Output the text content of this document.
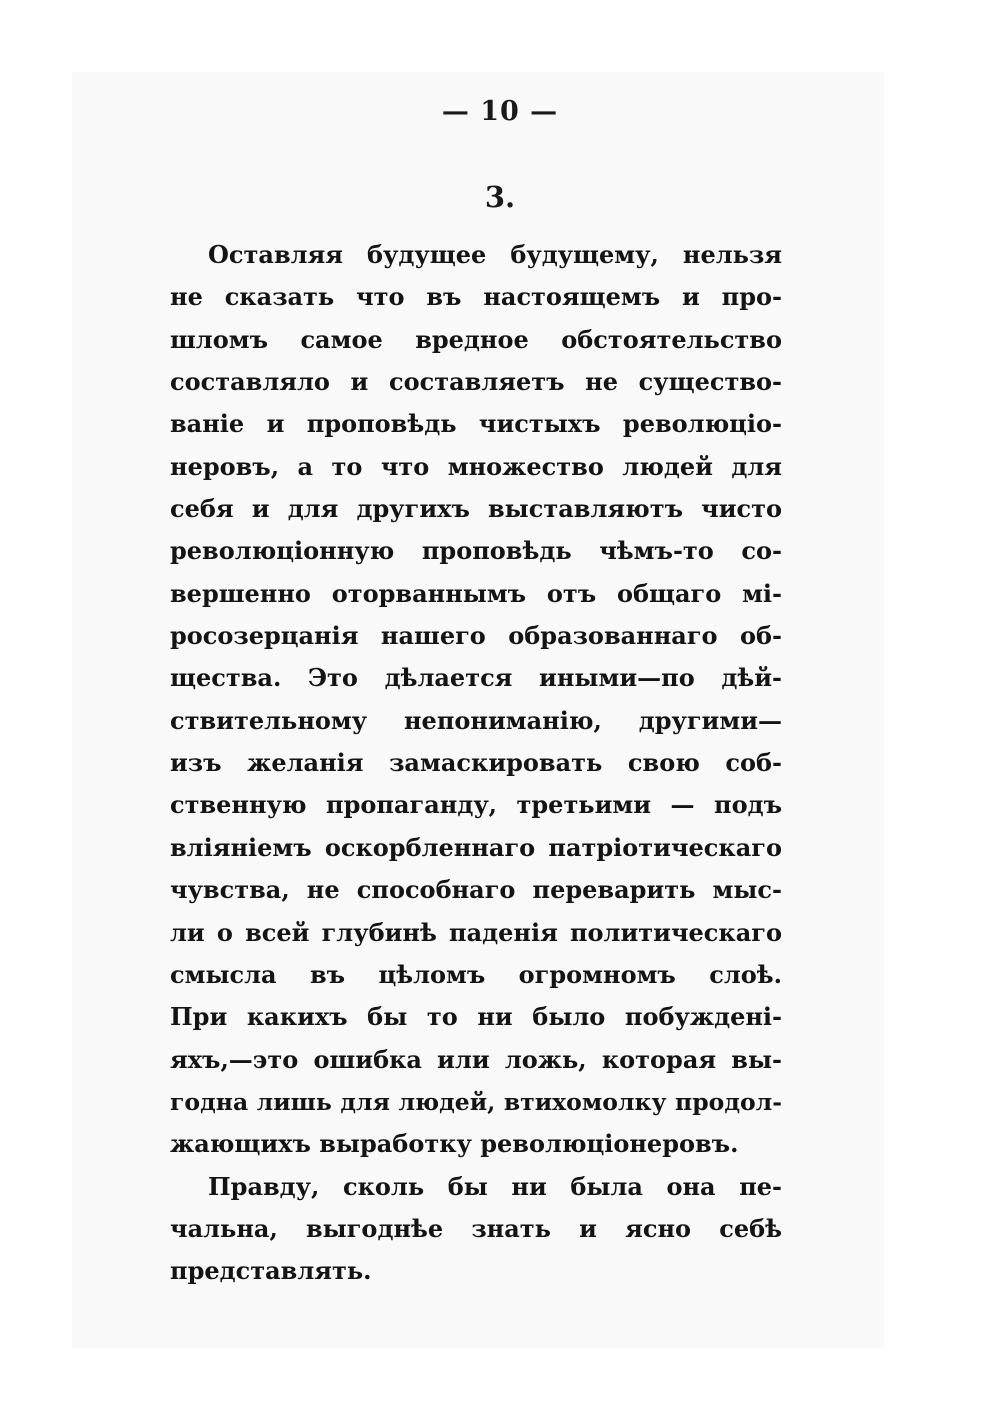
— 10 —
3.
Оставляя будущее будущему, нельзя
не сказать что въ настоящемъ и про-
шломъ самое вредное обстоятельство
составляло и составляетъ не существо-
ваніе и проповѣдь чистыхъ революціо-
неровъ, а то что множество людей для
себя и для другихъ выставляютъ чисто
революціонную проповѣдь чѣмъ-то со-
вершенно оторваннымъ отъ общаго мі-
росозерцанія нашего образованнаго об-
щества. Это дѣлается иными—по дѣй-
ствительному непониманію, другими—
изъ желанія замаскировать свою соб-
ственную пропаганду, третьими — подъ
вліяніемъ оскорбленнаго патріотическаго
чувства, не способнаго переварить мыс-
ли о всей глубинѣ паденія политическаго
смысла въ цѣломъ огромномъ слоѣ.
При какихъ бы то ни было побужденi-
яхъ,—это ошибка или ложь, которая вы-
годна лишь для людей, втихомолку продол-
жающихъ выработку революціонеровъ.
Правду, сколь бы ни была она пе-
чальна, выгоднѣе знать и ясно себѣ
представлять.
